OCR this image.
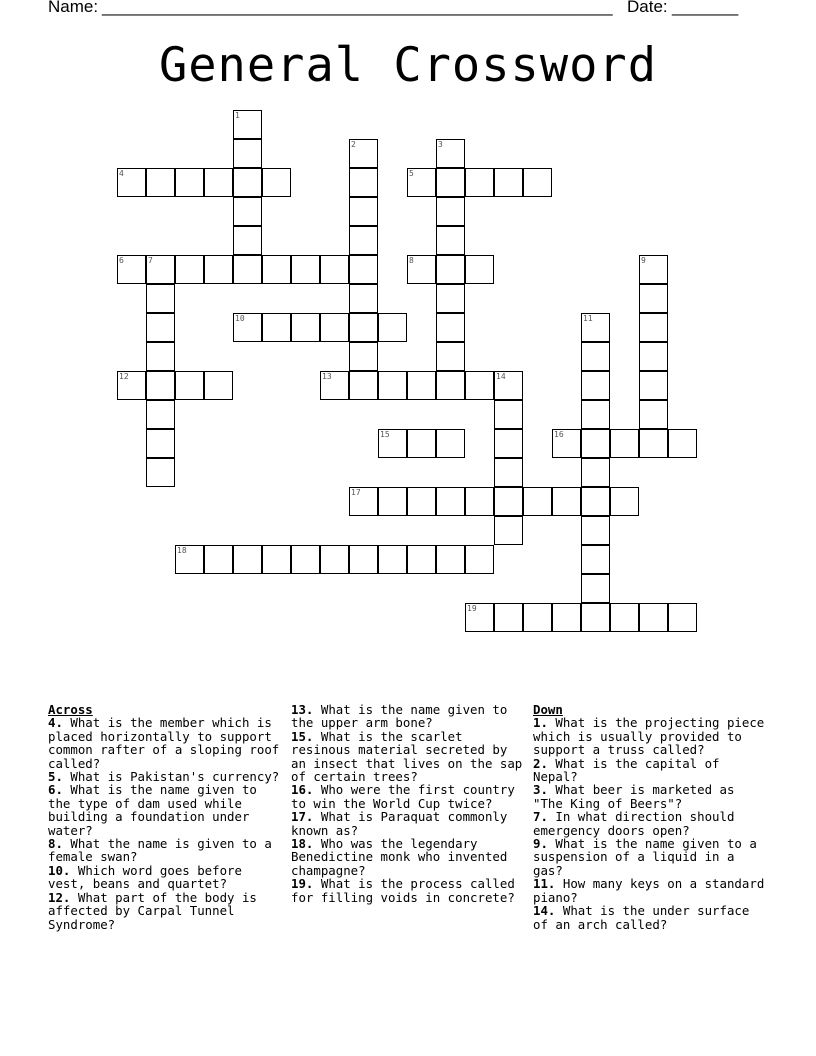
Name: ______________________________________________________ Date: _______
General Crossword
4	5
6	7	8
10
12	13	14
15	16
17
18
19
1
2	3
9
11
Across

4. What is the member which is placed horizontally to support common rafter of a sloping roof called?

5. What is Pakistan's currency?

6. What is the name given to the type of dam used while building a foundation under water?

8. What the name is given to a female swan?

10. Which word goes before vest, beans and quartet?

12. What part of the body is affected by Carpal Tunnel Syndrome?

13. What is the name given to the upper arm bone?

15. What is the scarlet resinous material secreted by an insect that lives on the sap of certain trees?

16. Who were the first country to win the World Cup twice?

17. What is Paraquat commonly known as?

18. Who was the legendary Benedictine monk who invented champagne?

19. What is the process called for filling voids in concrete?

Down

1. What is the projecting piece which is usually provided to support a truss called?

2. What is the capital of Nepal?

3. What beer is marketed as "The King of Beers"?

7. In what direction should emergency doors open?

9. What is the name given to a suspension of a liquid in a gas?

11. How many keys on a standard piano?

14. What is the under surface of an arch called?
